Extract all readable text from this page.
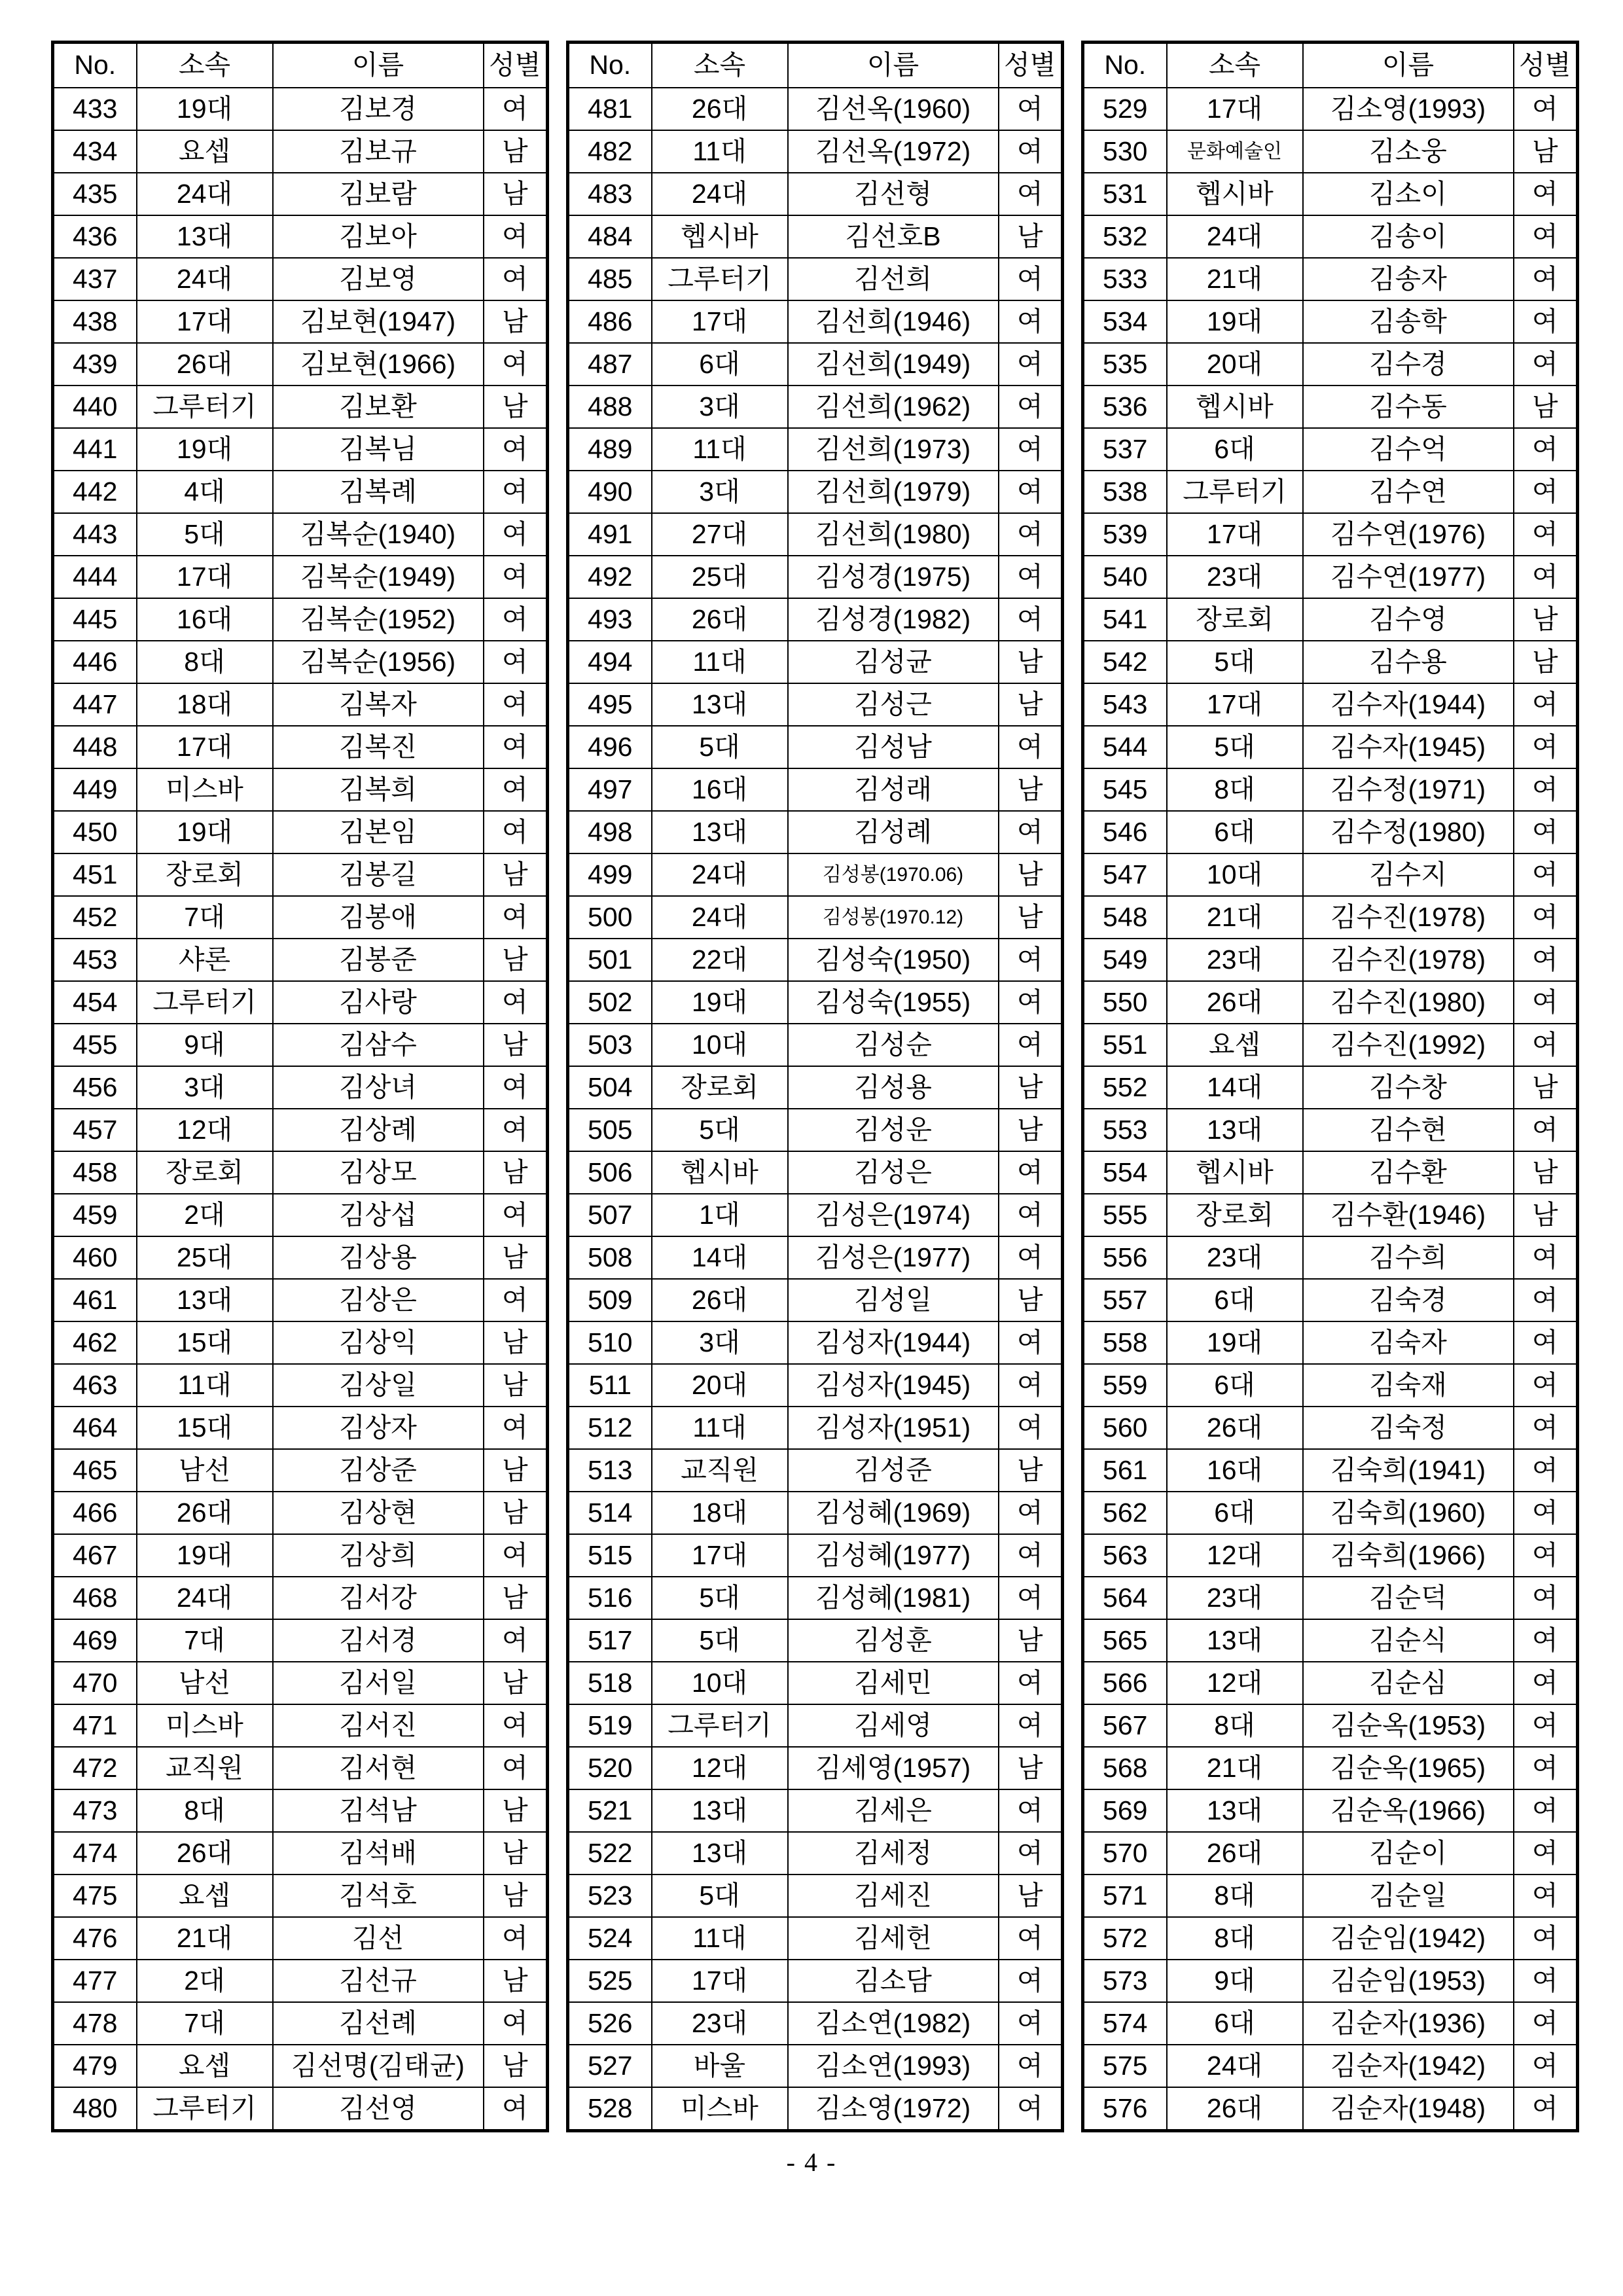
No.	소속	이름	성별
433	19대	김보경	여
434	요셉	김보규	남
435	24대	김보람	남
436	13대	김보아	여
437	24대	김보영	여
438	17대	김보현(1947)	남
439	26대	김보현(1966)	여
440	그루터기	김보환	남
441	19대	김복님	여
442	4대	김복례	여
443	5대	김복순(1940)	여
444	17대	김복순(1949)	여
445	16대	김복순(1952)	여
446	8대	김복순(1956)	여
447	18대	김복자	여
448	17대	김복진	여
449	미스바	김복희	여
450	19대	김본임	여
451	장로회	김봉길	남
452	7대	김봉애	여
453	샤론	김봉준	남
454	그루터기	김사랑	여
455	9대	김삼수	남
456	3대	김상녀	여
457	12대	김상례	여
458	장로회	김상모	남
459	2대	김상섭	여
460	25대	김상용	남
461	13대	김상은	여
462	15대	김상익	남
463	11대	김상일	남
464	15대	김상자	여
465	남선	김상준	남
466	26대	김상현	남
467	19대	김상희	여
468	24대	김서강	남
469	7대	김서경	여
470	남선	김서일	남
471	미스바	김서진	여
472	교직원	김서현	여
473	8대	김석남	남
474	26대	김석배	남
475	요셉	김석호	남
476	21대	김선	여
477	2대	김선규	남
478	7대	김선례	여
479	요셉	김선명(김태균)	남
480	그루터기	김선영	여
No.	소속	이름	성별
481	26대	김선옥(1960)	여
482	11대	김선옥(1972)	여
483	24대	김선형	여
484	헵시바	김선호B	남
485	그루터기	김선희	여
486	17대	김선희(1946)	여
487	6대	김선희(1949)	여
488	3대	김선희(1962)	여
489	11대	김선희(1973)	여
490	3대	김선희(1979)	여
491	27대	김선희(1980)	여
492	25대	김성경(1975)	여
493	26대	김성경(1982)	여
494	11대	김성균	남
495	13대	김성근	남
496	5대	김성남	여
497	16대	김성래	남
498	13대	김성례	여
499	24대	김성봉(1970.06)	남
500	24대	김성봉(1970.12)	남
501	22대	김성숙(1950)	여
502	19대	김성숙(1955)	여
503	10대	김성순	여
504	장로회	김성용	남
505	5대	김성운	남
506	헵시바	김성은	여
507	1대	김성은(1974)	여
508	14대	김성은(1977)	여
509	26대	김성일	남
510	3대	김성자(1944)	여
511	20대	김성자(1945)	여
512	11대	김성자(1951)	여
513	교직원	김성준	남
514	18대	김성혜(1969)	여
515	17대	김성혜(1977)	여
516	5대	김성혜(1981)	여
517	5대	김성훈	남
518	10대	김세민	여
519	그루터기	김세영	여
520	12대	김세영(1957)	남
521	13대	김세은	여
522	13대	김세정	여
523	5대	김세진	남
524	11대	김세헌	여
525	17대	김소담	여
526	23대	김소연(1982)	여
527	바울	김소연(1993)	여
528	미스바	김소영(1972)	여
No.	소속	이름	성별
529	17대	김소영(1993)	여
530	문화예술인	김소웅	남
531	헵시바	김소이	여
532	24대	김송이	여
533	21대	김송자	여
534	19대	김송학	여
535	20대	김수경	여
536	헵시바	김수동	남
537	6대	김수억	여
538	그루터기	김수연	여
539	17대	김수연(1976)	여
540	23대	김수연(1977)	여
541	장로회	김수영	남
542	5대	김수용	남
543	17대	김수자(1944)	여
544	5대	김수자(1945)	여
545	8대	김수정(1971)	여
546	6대	김수정(1980)	여
547	10대	김수지	여
548	21대	김수진(1978)	여
549	23대	김수진(1978)	여
550	26대	김수진(1980)	여
551	요셉	김수진(1992)	여
552	14대	김수창	남
553	13대	김수현	여
554	헵시바	김수환	남
555	장로회	김수환(1946)	남
556	23대	김수희	여
557	6대	김숙경	여
558	19대	김숙자	여
559	6대	김숙재	여
560	26대	김숙정	여
561	16대	김숙희(1941)	여
562	6대	김숙희(1960)	여
563	12대	김숙희(1966)	여
564	23대	김순덕	여
565	13대	김순식	여
566	12대	김순심	여
567	8대	김순옥(1953)	여
568	21대	김순옥(1965)	여
569	13대	김순옥(1966)	여
570	26대	김순이	여
571	8대	김순일	여
572	8대	김순임(1942)	여
573	9대	김순임(1953)	여
574	6대	김순자(1936)	여
575	24대	김순자(1942)	여
576	26대	김순자(1948)	여
- 4 -
